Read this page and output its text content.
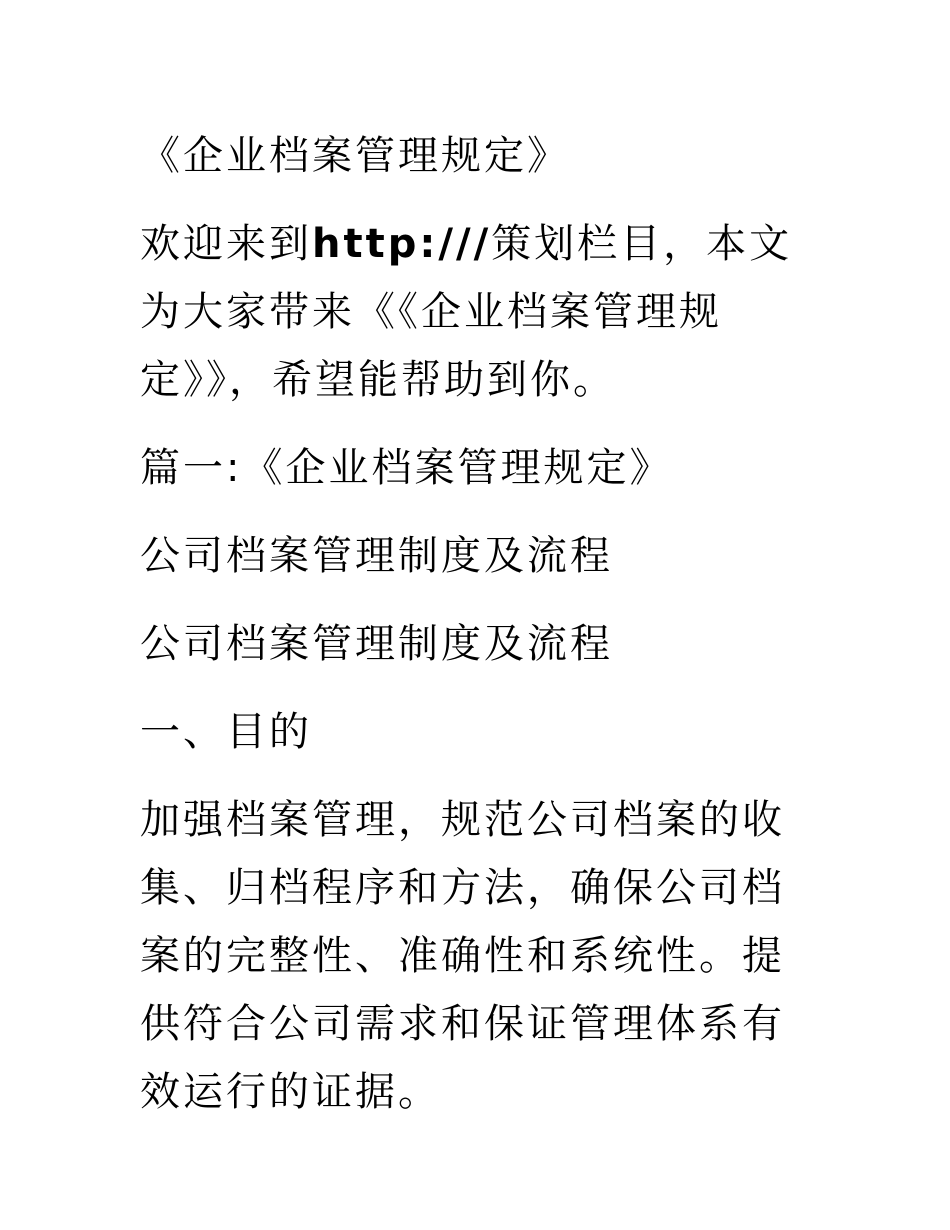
《企业档案管理规定》

欢迎来到http:///策划栏目，本文为大家带来《《企业档案管理规定》》，希望能帮助到你。

篇一:《企业档案管理规定》

公司档案管理制度及流程

公司档案管理制度及流程

一、目的

加强档案管理，规范公司档案的收集、归档程序和方法，确保公司档案的完整性、准确性和系统性。提供符合公司需求和保证管理体系有效运行的证据。
